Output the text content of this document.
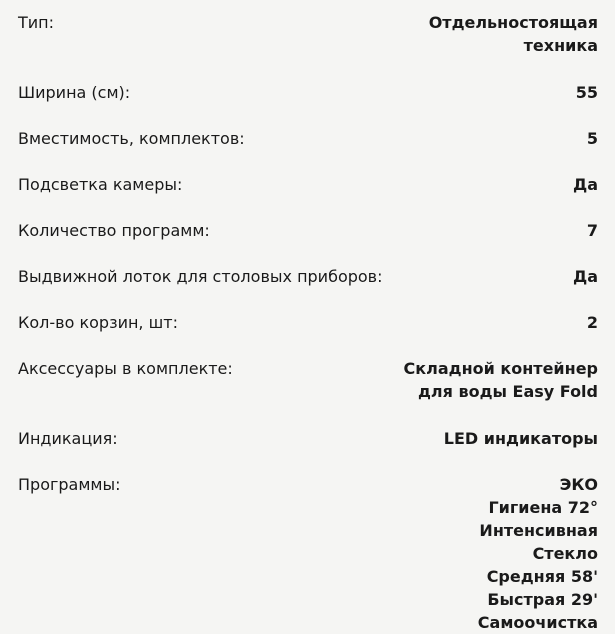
Тип:	Отдельностоящая
техника
Ширина (см):	55
Вместимость, комплектов:	5
Подсветка камеры:	Да
Количество программ:	7
Выдвижной лоток для столовых приборов:	Да
Кол-во корзин, шт:	2
Аксессуары в комплекте:	Складной контейнер
для воды Easy Fold
Индикация:	LED индикаторы
Программы:	ЭКО
Гигиена 72°
Интенсивная
Стекло
Средняя 58'
Быстрая 29'
Самоочистка
